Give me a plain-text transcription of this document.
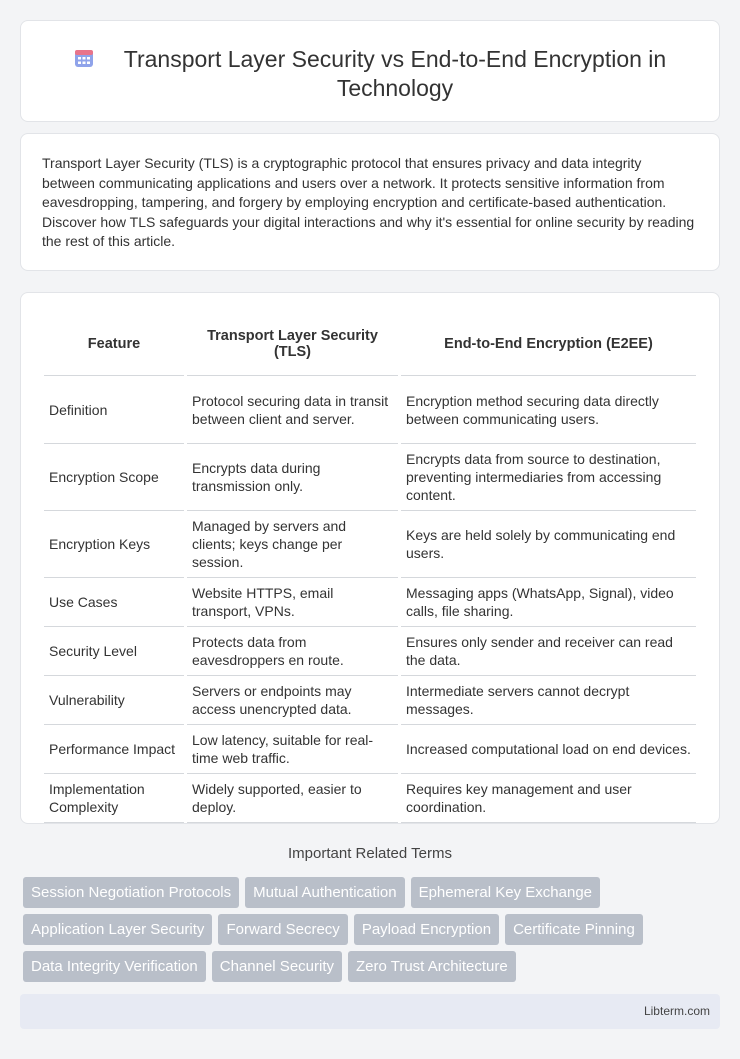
Transport Layer Security vs End-to-End Encryption in Technology

Transport Layer Security (TLS) is a cryptographic protocol that ensures privacy and data integrity between communicating applications and users over a network. It protects sensitive information from eavesdropping, tampering, and forgery by employing encryption and certificate-based authentication. Discover how TLS safeguards your digital interactions and why it's essential for online security by reading the rest of this article.

Feature	Transport Layer Security (TLS)	End-to-End Encryption (E2EE)
Definition	Protocol securing data in transit between client and server.	Encryption method securing data directly between communicating users.
Encryption Scope	Encrypts data during transmission only.	Encrypts data from source to destination, preventing intermediaries from accessing content.
Encryption Keys	Managed by servers and clients; keys change per session.	Keys are held solely by communicating end users.
Use Cases	Website HTTPS, email transport, VPNs.	Messaging apps (WhatsApp, Signal), video calls, file sharing.
Security Level	Protects data from eavesdroppers en route.	Ensures only sender and receiver can read the data.
Vulnerability	Servers or endpoints may access unencrypted data.	Intermediate servers cannot decrypt messages.
Performance Impact	Low latency, suitable for real-time web traffic.	Increased computational load on end devices.
Implementation Complexity	Widely supported, easier to deploy.	Requires key management and user coordination.
Important Related Terms
Session Negotiation Protocols	Mutual Authentication	Ephemeral Key Exchange
Application Layer Security	Forward Secrecy	Payload Encryption	Certificate Pinning
Data Integrity Verification	Channel Security	Zero Trust Architecture
Libterm.com
